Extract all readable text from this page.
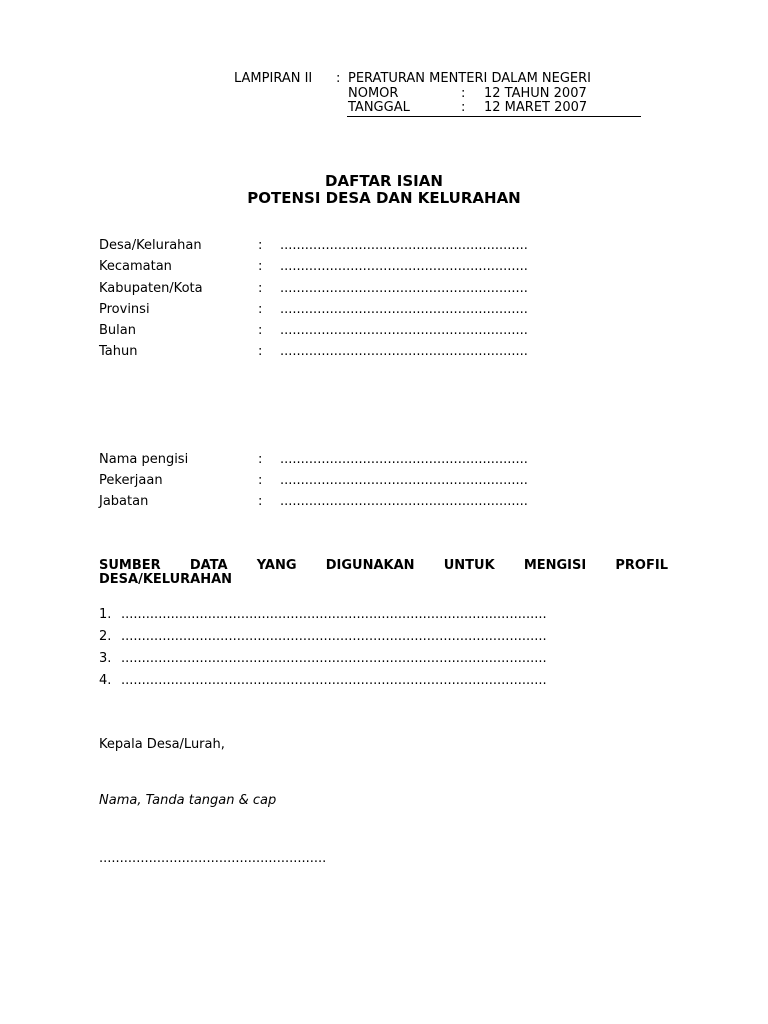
LAMPIRAN II : PERATURAN MENTERI DALAM NEGERI
NOMOR	: 12 TAHUN 2007
TANGGAL	: 12 MARET 2007
DAFTAR ISIAN
POTENSI DESA DAN KELURAHAN
Desa/Kelurahan	: ............................................................
Kecamatan	: ............................................................
Kabupaten/Kota	: ............................................................
Provinsi	: ............................................................
Bulan	: ............................................................
Tahun	: ............................................................
Nama pengisi	: ............................................................
Pekerjaan	: ............................................................
Jabatan	: ............................................................
SUMBER DATA YANG DIGUNAKAN UNTUK MENGISI PROFIL
DESA/KELURAHAN
1. .......................................................................................................
2. .......................................................................................................
3. .......................................................................................................
4. .......................................................................................................
Kepala Desa/Lurah,
Nama, Tanda tangan & cap
.......................................................
